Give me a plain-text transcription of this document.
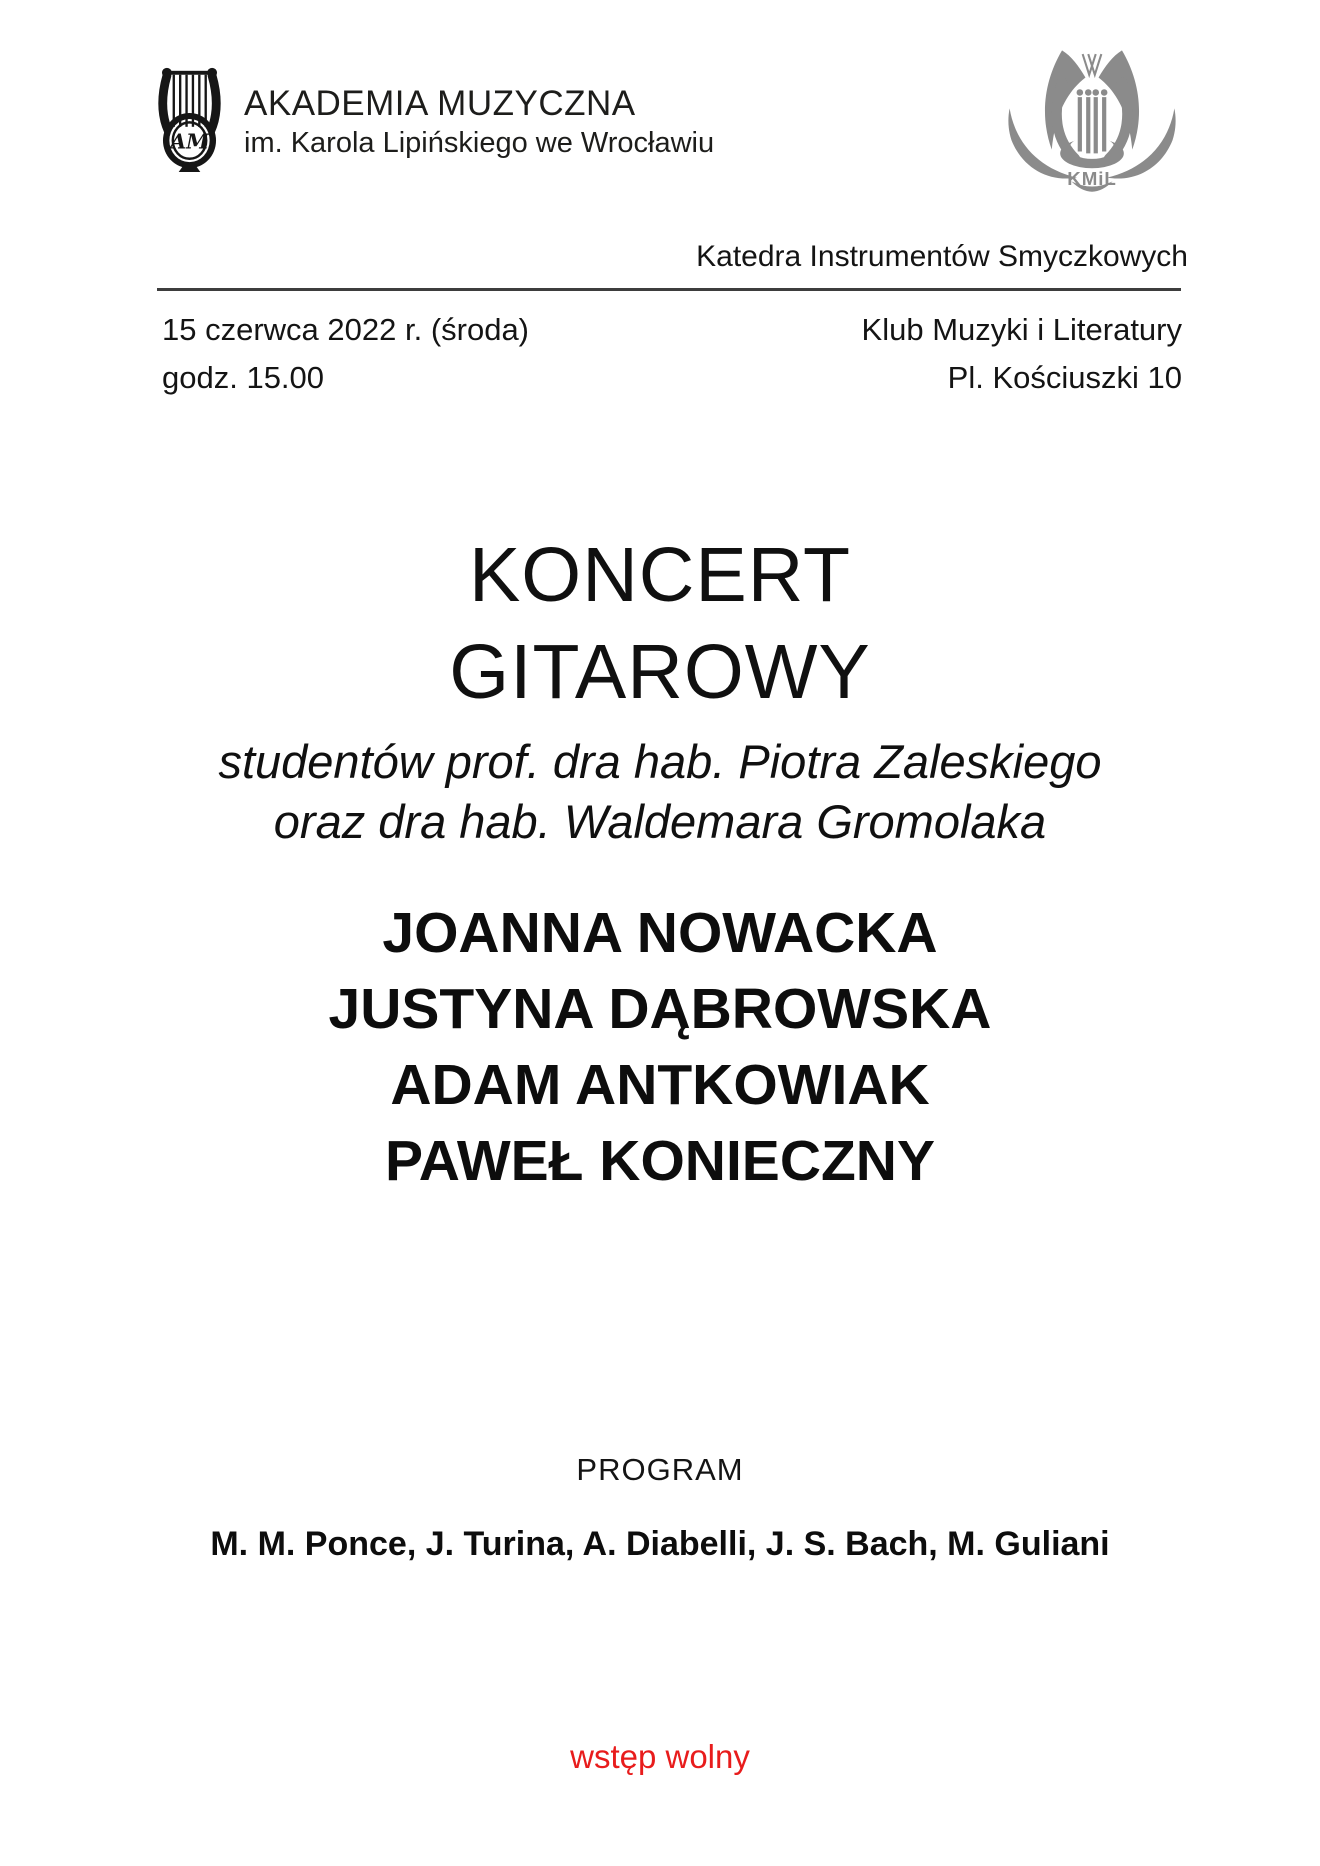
AM
AKADEMIA MUZYCZNA
im. Karola Lipińskiego we Wrocławiu
KMiL
Katedra Instrumentów Smyczkowych
15 czerwca 2022 r. (środa)
godz. 15.00
Klub Muzyki i Literatury
Pl. Kościuszki 10
KONCERT
GITAROWY
studentów prof. dra hab. Piotra Zaleskiego
oraz dra hab. Waldemara Gromolaka
JOANNA NOWACKA
JUSTYNA DĄBROWSKA
ADAM ANTKOWIAK
PAWEŁ KONIECZNY
PROGRAM
M. M. Ponce, J. Turina, A. Diabelli, J. S. Bach, M. Guliani
wstęp wolny
